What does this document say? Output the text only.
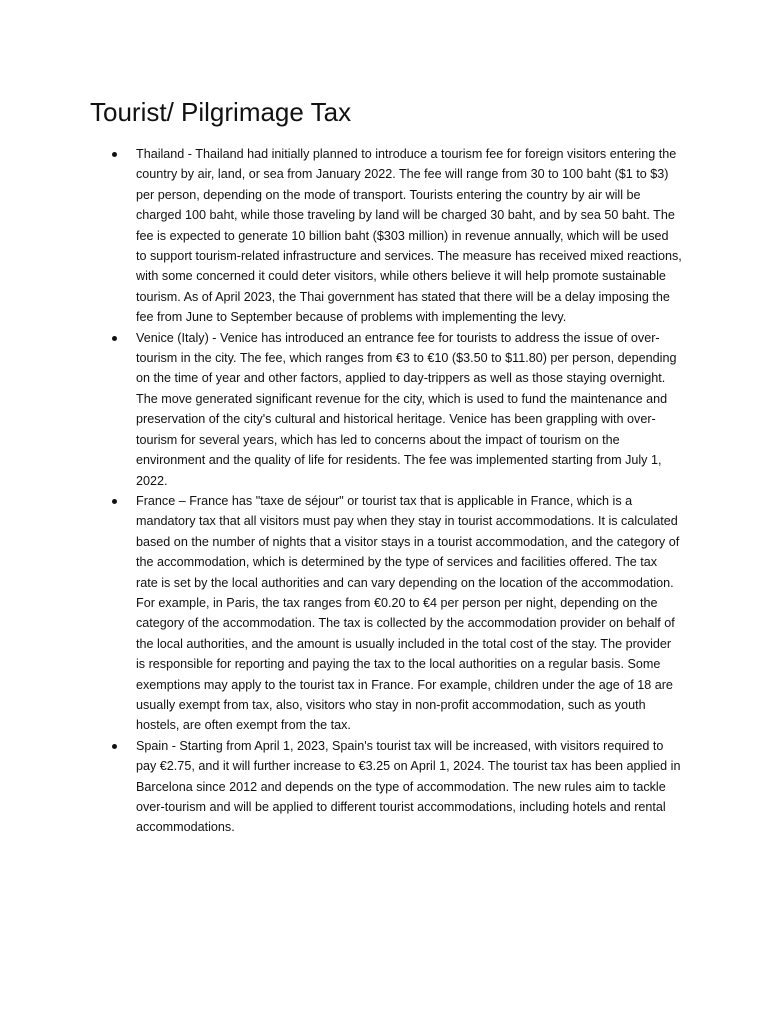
Tourist/ Pilgrimage Tax
Thailand - Thailand had initially planned to introduce a tourism fee for foreign visitors entering the country by air, land, or sea from January 2022. The fee will range from 30 to 100 baht ($1 to $3) per person, depending on the mode of transport. Tourists entering the country by air will be charged 100 baht, while those traveling by land will be charged 30 baht, and by sea 50 baht. The fee is expected to generate 10 billion baht ($303 million) in revenue annually, which will be used to support tourism-related infrastructure and services. The measure has received mixed reactions, with some concerned it could deter visitors, while others believe it will help promote sustainable tourism. As of April 2023, the Thai government has stated that there will be a delay imposing the fee from June to September because of problems with implementing the levy.
Venice (Italy) - Venice has introduced an entrance fee for tourists to address the issue of over-tourism in the city. The fee, which ranges from €3 to €10 ($3.50 to $11.80) per person, depending on the time of year and other factors, applied to day-trippers as well as those staying overnight. The move generated significant revenue for the city, which is used to fund the maintenance and preservation of the city's cultural and historical heritage. Venice has been grappling with over-tourism for several years, which has led to concerns about the impact of tourism on the environment and the quality of life for residents. The fee was implemented starting from July 1, 2022.
France – France has "taxe de séjour" or tourist tax that is applicable in France, which is a mandatory tax that all visitors must pay when they stay in tourist accommodations. It is calculated based on the number of nights that a visitor stays in a tourist accommodation, and the category of the accommodation, which is determined by the type of services and facilities offered. The tax rate is set by the local authorities and can vary depending on the location of the accommodation. For example, in Paris, the tax ranges from €0.20 to €4 per person per night, depending on the category of the accommodation. The tax is collected by the accommodation provider on behalf of the local authorities, and the amount is usually included in the total cost of the stay. The provider is responsible for reporting and paying the tax to the local authorities on a regular basis. Some exemptions may apply to the tourist tax in France. For example, children under the age of 18 are usually exempt from tax, also, visitors who stay in non-profit accommodation, such as youth hostels, are often exempt from the tax.
Spain - Starting from April 1, 2023, Spain's tourist tax will be increased, with visitors required to pay €2.75, and it will further increase to €3.25 on April 1, 2024. The tourist tax has been applied in Barcelona since 2012 and depends on the type of accommodation. The new rules aim to tackle over-tourism and will be applied to different tourist accommodations, including hotels and rental accommodations.
